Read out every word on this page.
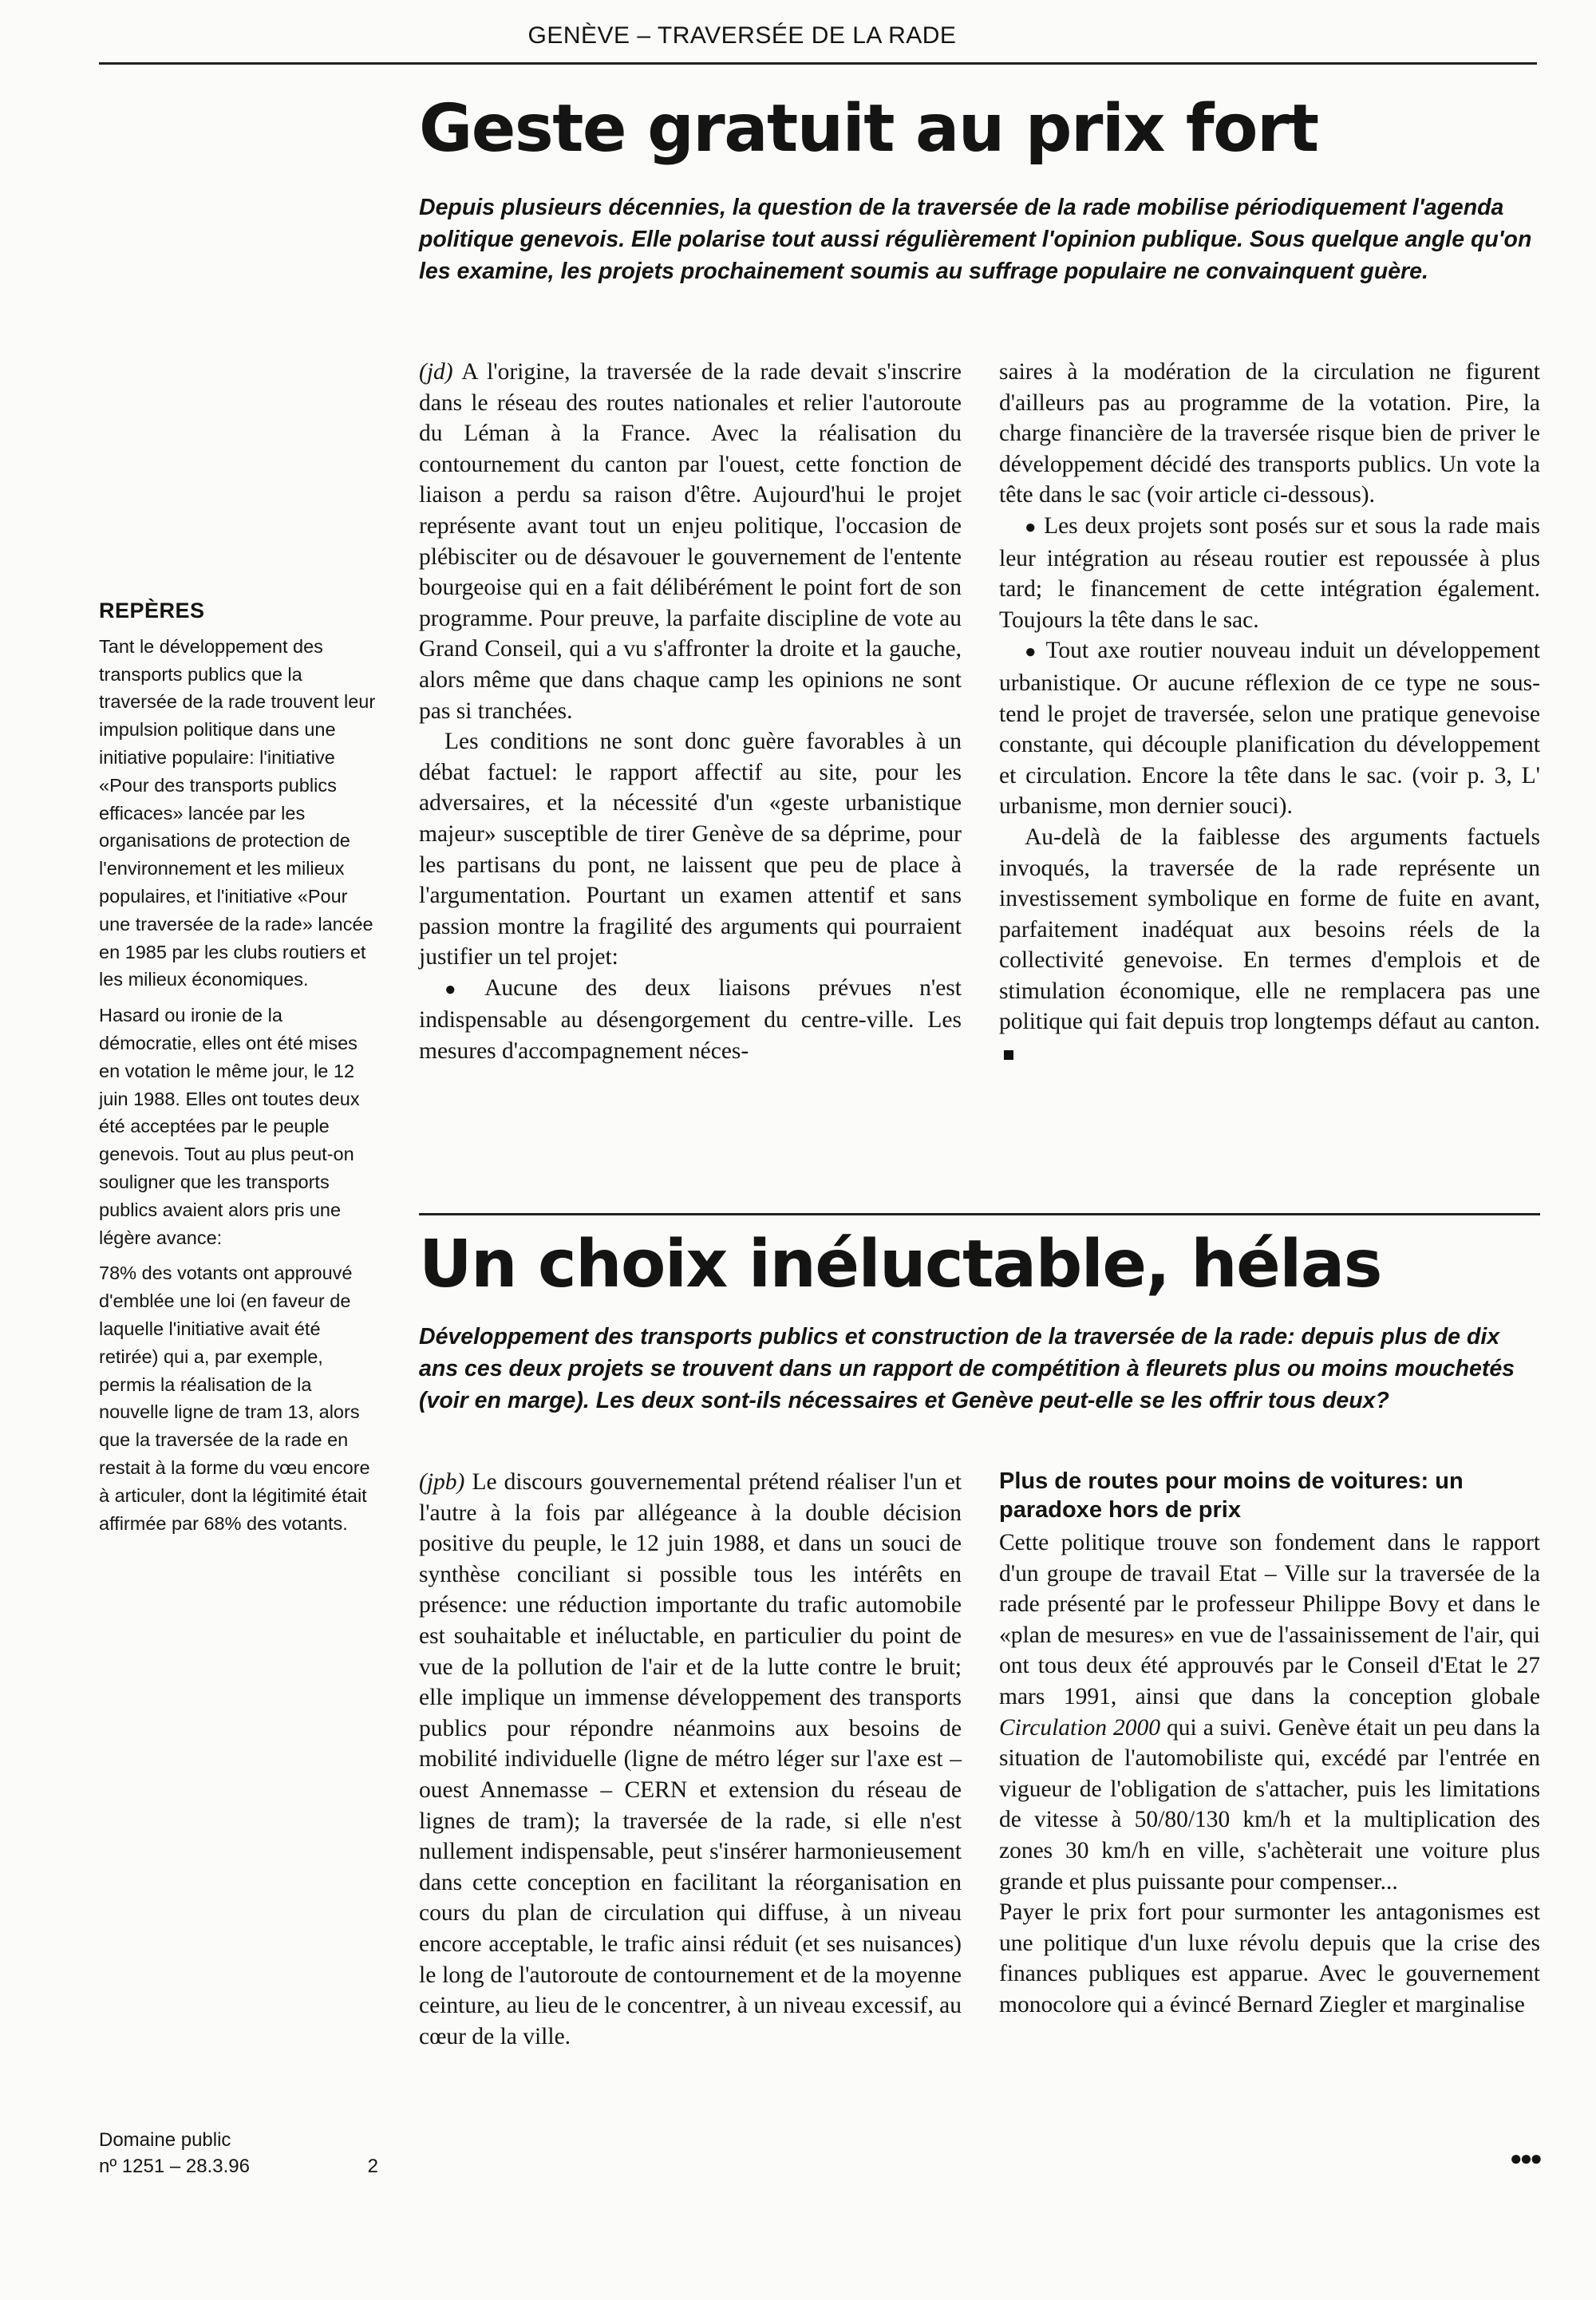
GENÈVE – TRAVERSÉE DE LA RADE
REPÈRES

Tant le développement des transports publics que la traversée de la rade trouvent leur impulsion politique dans une initiative populaire: l'initiative «Pour des transports publics efficaces» lancée par les organisations de protection de l'environnement et les milieux populaires, et l'initiative «Pour une traversée de la rade» lancée en 1985 par les clubs routiers et les milieux économiques.

Hasard ou ironie de la démocratie, elles ont été mises en votation le même jour, le 12 juin 1988. Elles ont toutes deux été acceptées par le peuple genevois. Tout au plus peut-on souligner que les transports publics avaient alors pris une légère avance:

78% des votants ont approuvé d'emblée une loi (en faveur de laquelle l'initiative avait été retirée) qui a, par exemple, permis la réalisation de la nouvelle ligne de tram 13, alors que la traversée de la rade en restait à la forme du vœu encore à articuler, dont la légitimité était affirmée par 68% des votants.

Domaine public
nº 1251 – 28.3.96	2
Geste gratuit au prix fort

Depuis plusieurs décennies, la question de la traversée de la rade mobilise périodiquement l'agenda politique genevois. Elle polarise tout aussi régulièrement l'opinion publique. Sous quelque angle qu'on les examine, les projets prochainement soumis au suffrage populaire ne convainquent guère.

(jd) A l'origine, la traversée de la rade devait s'inscrire dans le réseau des routes nationales et relier l'autoroute du Léman à la France. Avec la réalisation du contournement du canton par l'ouest, cette fonction de liaison a perdu sa raison d'être. Aujourd'hui le projet représente avant tout un enjeu politique, l'occasion de plébisciter ou de désavouer le gouvernement de l'entente bourgeoise qui en a fait délibérément le point fort de son programme. Pour preuve, la parfaite discipline de vote au Grand Conseil, qui a vu s'affronter la droite et la gauche, alors même que dans chaque camp les opinions ne sont pas si tranchées.

Les conditions ne sont donc guère favorables à un débat factuel: le rapport affectif au site, pour les adversaires, et la nécessité d'un «geste urbanistique majeur» susceptible de tirer Genève de sa déprime, pour les partisans du pont, ne laissent que peu de place à l'argumentation. Pourtant un examen attentif et sans passion montre la fragilité des arguments qui pourraient justifier un tel projet:

● Aucune des deux liaisons prévues n'est indispensable au désengorgement du centre-ville. Les mesures d'accompagnement néces-

saires à la modération de la circulation ne figurent d'ailleurs pas au programme de la votation. Pire, la charge financière de la traversée risque bien de priver le développement décidé des transports publics. Un vote la tête dans le sac (voir article ci-dessous).

● Les deux projets sont posés sur et sous la rade mais leur intégration au réseau routier est repoussée à plus tard; le financement de cette intégration également. Toujours la tête dans le sac.

● Tout axe routier nouveau induit un développement urbanistique. Or aucune réflexion de ce type ne sous-tend le projet de traversée, selon une pratique genevoise constante, qui découple planification du développement et circulation. Encore la tête dans le sac. (voir p. 3, L' urbanisme, mon dernier souci).

Au-delà de la faiblesse des arguments factuels invoqués, la traversée de la rade représente un investissement symbolique en forme de fuite en avant, parfaitement inadéquat aux besoins réels de la collectivité genevoise. En termes d'emplois et de stimulation économique, elle ne remplacera pas une politique qui fait depuis trop longtemps défaut au canton.

Un choix inéluctable, hélas

Développement des transports publics et construction de la traversée de la rade: depuis plus de dix ans ces deux projets se trouvent dans un rapport de compétition à fleurets plus ou moins mouchetés (voir en marge). Les deux sont-ils nécessaires et Genève peut-elle se les offrir tous deux?

(jpb) Le discours gouvernemental prétend réaliser l'un et l'autre à la fois par allégeance à la double décision positive du peuple, le 12 juin 1988, et dans un souci de synthèse conciliant si possible tous les intérêts en présence: une réduction importante du trafic automobile est souhaitable et inéluctable, en particulier du point de vue de la pollution de l'air et de la lutte contre le bruit; elle implique un immense développement des transports publics pour répondre néanmoins aux besoins de mobilité individuelle (ligne de métro léger sur l'axe est – ouest Annemasse – CERN et extension du réseau de lignes de tram); la traversée de la rade, si elle n'est nullement indispensable, peut s'insérer harmonieusement dans cette conception en facilitant la réorganisation en cours du plan de circulation qui diffuse, à un niveau encore acceptable, le trafic ainsi réduit (et ses nuisances) le long de l'autoroute de contournement et de la moyenne ceinture, au lieu de le concentrer, à un niveau excessif, au cœur de la ville.

Plus de routes pour moins de voitures: un paradoxe hors de prix

Cette politique trouve son fondement dans le rapport d'un groupe de travail Etat – Ville sur la traversée de la rade présenté par le professeur Philippe Bovy et dans le «plan de mesures» en vue de l'assainissement de l'air, qui ont tous deux été approuvés par le Conseil d'Etat le 27 mars 1991, ainsi que dans la conception globale Circulation 2000 qui a suivi. Genève était un peu dans la situation de l'automobiliste qui, excédé par l'entrée en vigueur de l'obligation de s'attacher, puis les limitations de vitesse à 50/80/130 km/h et la multiplication des zones 30 km/h en ville, s'achèterait une voiture plus grande et plus puissante pour compenser...

Payer le prix fort pour surmonter les antagonismes est une politique d'un luxe révolu depuis que la crise des finances publiques est apparue. Avec le gouvernement monocolore qui a évincé Bernard Ziegler et marginalise

●●●
